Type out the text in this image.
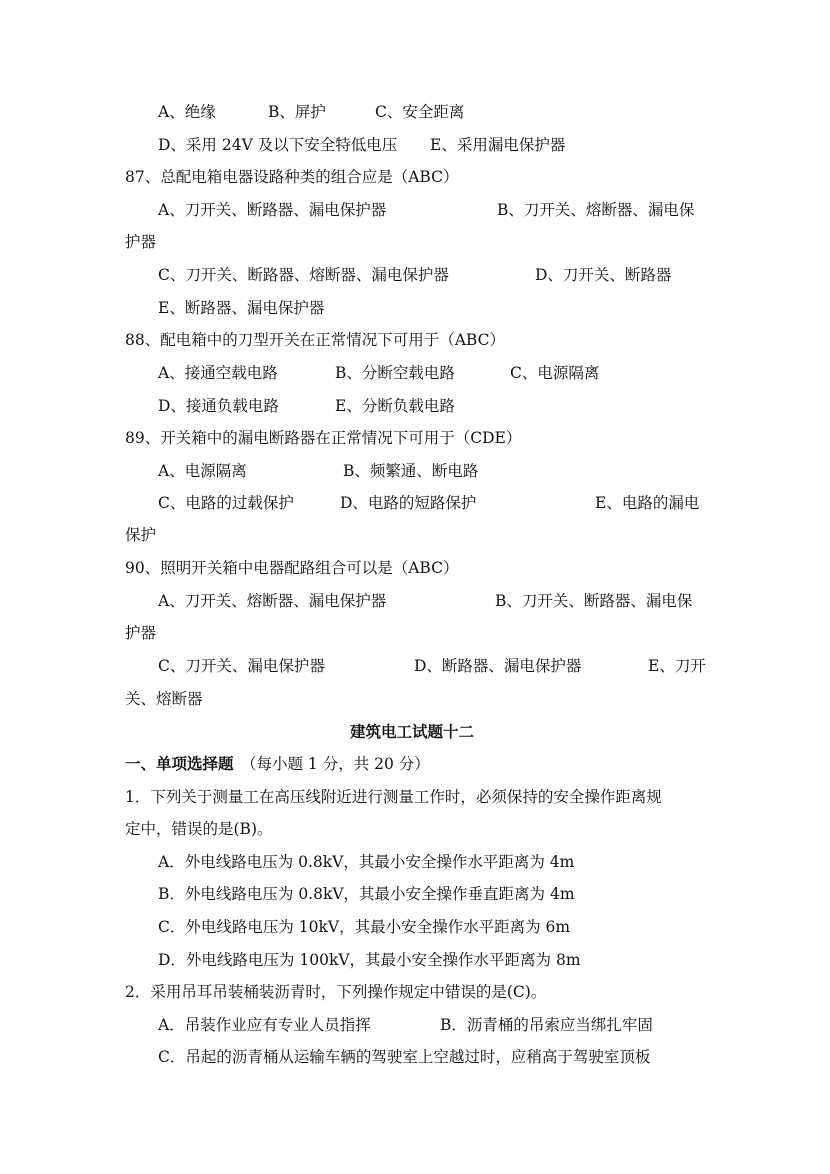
A、绝缘	B、屏护	C、安全距离
D、采用 24V 及以下安全特低电压 E、采用漏电保护器
87、总配电箱电器设路种类的组合应是（ABC）
A、刀开关、断路器、漏电保护器	B、刀开关、熔断器、漏电保
护器
C、刀开关、断路器、熔断器、漏电保护器	D、刀开关、断路器
E、断路器、漏电保护器
88、配电箱中的刀型开关在正常情况下可用于（ABC）
A、接通空载电路	B、分断空载电路	C、电源隔离
D、接通负载电路	E、分断负载电路
89、开关箱中的漏电断路器在正常情况下可用于（CDE）
A、电源隔离	B、频繁通、断电路
C、电路的过载保护	D、电路的短路保护	E、电路的漏电
保护
90、照明开关箱中电器配路组合可以是（ABC）
A、刀开关、熔断器、漏电保护器	B、刀开关、断路器、漏电保
护器
C、刀开关、漏电保护器	D、断路器、漏电保护器	E、刀开
关、熔断器
建筑电工试题十二
一、单项选择题 （每小题 1 分，共 20 分）
1．下列关于测量工在高压线附近进行测量工作时，必须保持的安全操作距离规
定中，错误的是(B)。
A．外电线路电压为 0.8kV，其最小安全操作水平距离为 4m
B．外电线路电压为 0.8kV，其最小安全操作垂直距离为 4m
C．外电线路电压为 10kV，其最小安全操作水平距离为 6m
D．外电线路电压为 100kV，其最小安全操作水平距离为 8m
2．采用吊耳吊装桶装沥青时，下列操作规定中错误的是(C)。
A．吊装作业应有专业人员指挥	B．沥青桶的吊索应当绑扎牢固
C．吊起的沥青桶从运输车辆的驾驶室上空越过时，应稍高于驾驶室顶板
